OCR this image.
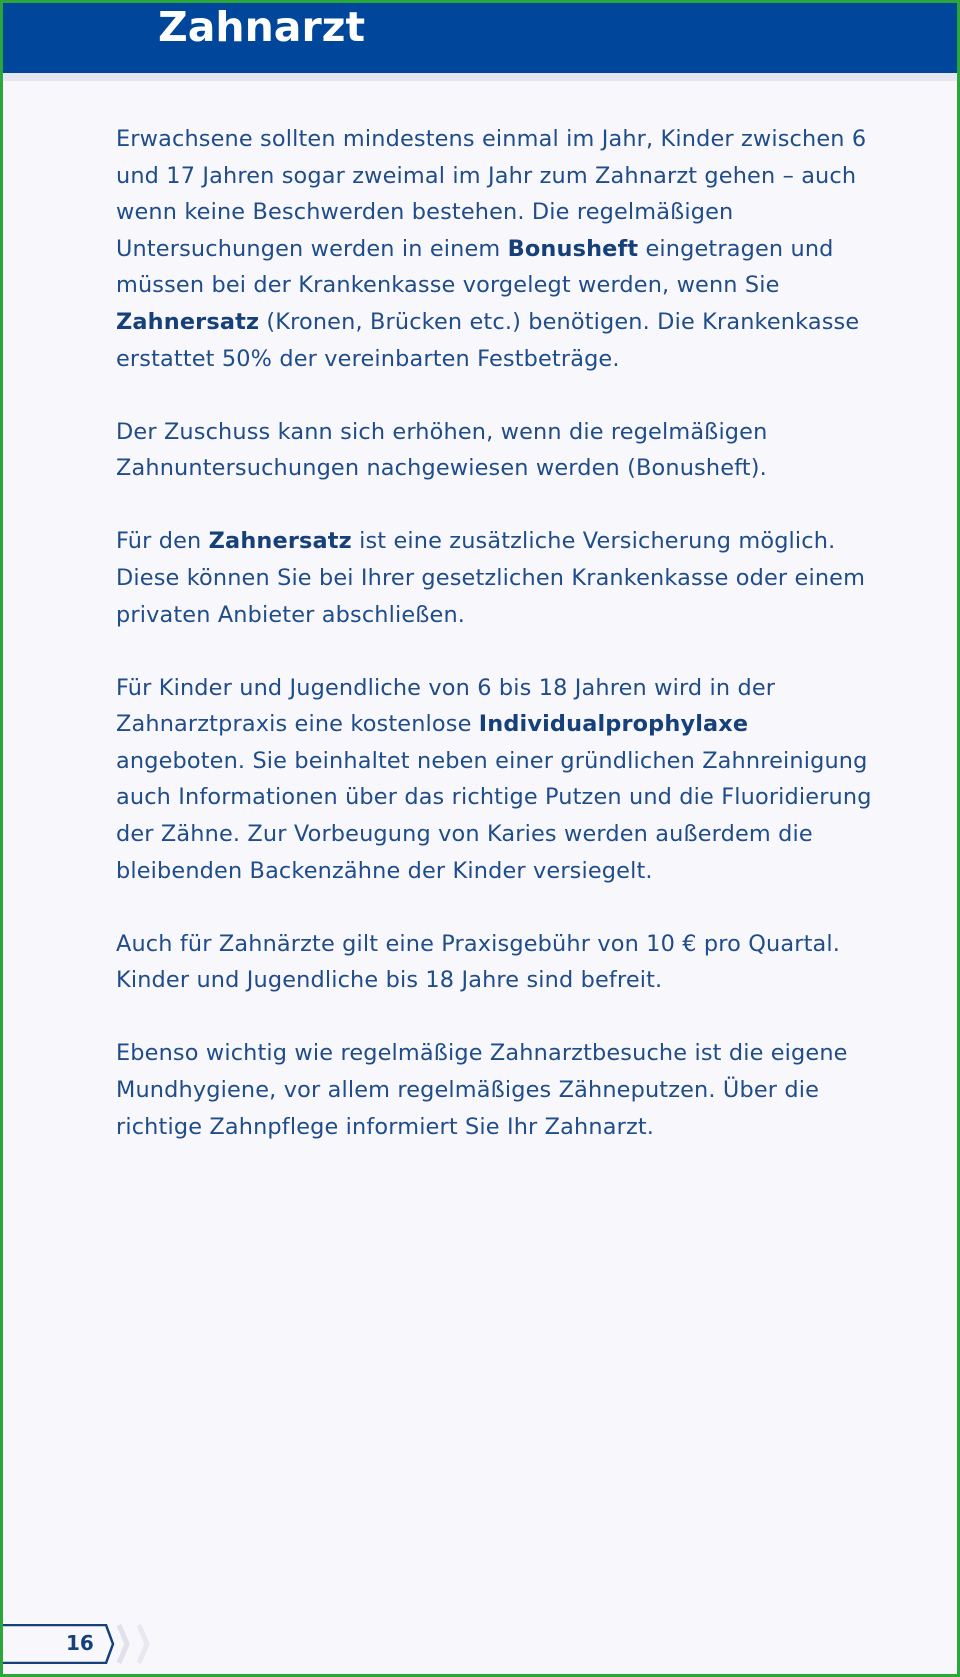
Zahnarzt

Erwachsene sollten mindestens einmal im Jahr, Kinder zwischen 6 und 17 Jahren sogar zweimal im Jahr zum Zahnarzt gehen – auch wenn keine Beschwerden bestehen. Die regelmäßigen Untersuchungen werden in einem Bonusheft eingetragen und müssen bei der Krankenkasse vorgelegt werden, wenn Sie Zahnersatz (Kronen, Brücken etc.) benötigen. Die Krankenkasse erstattet 50% der vereinbarten Festbeträge.

Der Zuschuss kann sich erhöhen, wenn die regelmäßigen Zahnuntersuchungen nachgewiesen werden (Bonusheft).

Für den Zahnersatz ist eine zusätzliche Versicherung möglich. Diese können Sie bei Ihrer gesetzlichen Krankenkasse oder einem privaten Anbieter abschließen.

Für Kinder und Jugendliche von 6 bis 18 Jahren wird in der Zahnarztpraxis eine kostenlose Individualprophylaxe angeboten. Sie beinhaltet neben einer gründlichen Zahnreinigung auch Informationen über das richtige Putzen und die Fluoridierung der Zähne. Zur Vorbeugung von Karies werden außerdem die bleibenden Backenzähne der Kinder versiegelt.

Auch für Zahnärzte gilt eine Praxisgebühr von 10 € pro Quartal. Kinder und Jugendliche bis 18 Jahre sind befreit.

Ebenso wichtig wie regelmäßige Zahnarztbesuche ist die eigene Mundhygiene, vor allem regelmäßiges Zähneputzen. Über die richtige Zahnpflege informiert Sie Ihr Zahnarzt.

16
